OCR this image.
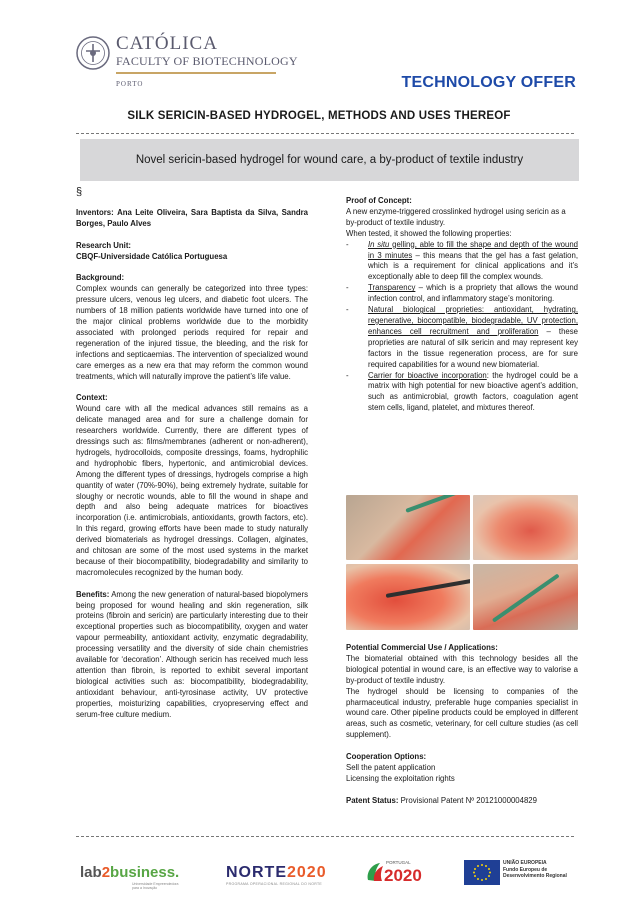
CATÓLICA
FACULTY OF BIOTECHNOLOGY
PORTO	TECHNOLOGY OFFER
SILK SERICIN-BASED HYDROGEL, METHODS AND USES THEREOF
Novel sericin-based hydrogel for wound care, a by-product of textile industry
§

Inventors: Ana Leite Oliveira, Sara Baptista da Silva, Sandra Borges, Paulo Alves

Research Unit:
CBQF-Universidade Católica Portuguesa

Background:
Complex wounds can generally be categorized into three types: pressure ulcers, venous leg ulcers, and diabetic foot ulcers. The numbers of 18 million patients worldwide have turned into one of the major clinical problems worldwide due to the morbidity associated with prolonged periods required for repair and regeneration of the injured tissue, the bleeding, and the risk for infections and septicaemias. The intervention of specialized wound care emerges as a new era that may reform the common wound treatments, which will naturally improve the patient’s life value.

Context:
Wound care with all the medical advances still remains as a delicate managed area and for sure a challenge domain for researchers worldwide. Currently, there are different types of dressings such as: films/membranes (adherent or non-adherent), hydrogels, hydrocolloids, composite dressings, foams, hydrophilic and hydrophobic fibers, hypertonic, and antimicrobial devices. Among the different types of dressings, hydrogels comprise a high quantity of water (70%-90%), being extremely hydrate, suitable for sloughy or necrotic wounds, able to fill the wound in shape and depth and also being adequate matrices for bioactives incorporation (i.e. antimicrobials, antioxidants, growth factors, etc). In this regard, growing efforts have been made to study naturally derived biomaterials as hydrogel dressings. Collagen, alginates, and chitosan are some of the most used systems in the market because of their biocompatibility, biodegradability and similarity to macromolecules recognized by the human body.

Benefits: Among the new generation of natural-based biopolymers being proposed for wound healing and skin regeneration, silk proteins (fibroin and sericin) are particularly interesting due to their exceptional properties such as biocompatibility, oxygen and water vapour permeability, antioxidant activity, enzymatic degradability, processing versatility and the diversity of side chain chemistries available for ‘decoration’. Although sericin has received much less attention than fibroin, is reported to exhibit several important biological activities such as: biocompatibility, biodegradability, antioxidant behaviour, anti-tyrosinase activity, UV protective properties, moisturizing capabilities, cryopreserving effect and serum-free culture medium.

Proof of Concept:
A new enzyme-triggered crosslinked hydrogel using sericin as a by-product of textile industry.
When tested, it showed the following properties:
- In situ gelling, able to fill the shape and depth of the wound in 3 minutes – this means that the gel has a fast gelation, which is a requirement for clinical applications and it’s exceptionally able to deep fill the complex wounds.
- Transparency – which is a propriety that allows the wound infection control, and inflammatory stage’s monitoring.
- Natural biological proprieties: antioxidant, hydrating, regenerative, biocompatible, biodegradable, UV protection, enhances cell recruitment and proliferation – these proprieties are natural of silk sericin and may represent key factors in the tissue regeneration process, are for sure required capabilities for a wound new biomaterial.
- Carrier for bioactive incorporation: the hydrogel could be a matrix with high potential for new bioactive agent’s addition, such as antimicrobial, growth factors, coagulation agent stem cells, ligand, platelet, and mixtures thereof.
Potential Commercial Use / Applications:
The biomaterial obtained with this technology besides all the biological potential in wound care, is an effective way to valorise a by-product of textile industry.

The hydrogel should be licensing to companies of the pharmaceutical industry, preferable huge companies specialist in wound care. Other pipeline products could be employed in different areas, such as cosmetic, veterinary, for cell culture studies (as cell supplement).

Cooperation Options:
Sell the patent application

Licensing the exploitation rights

Patent Status: Provisional Patent Nº 20121000004829
lab2business.
Universidade Empreendedora para a Inovação
NORTE2020
PROGRAMA OPERACIONAL REGIONAL DO NORTE
PORTUGAL
2020
UNIÃO EUROPEIA
Fundo Europeu de
Desenvolvimento Regional
